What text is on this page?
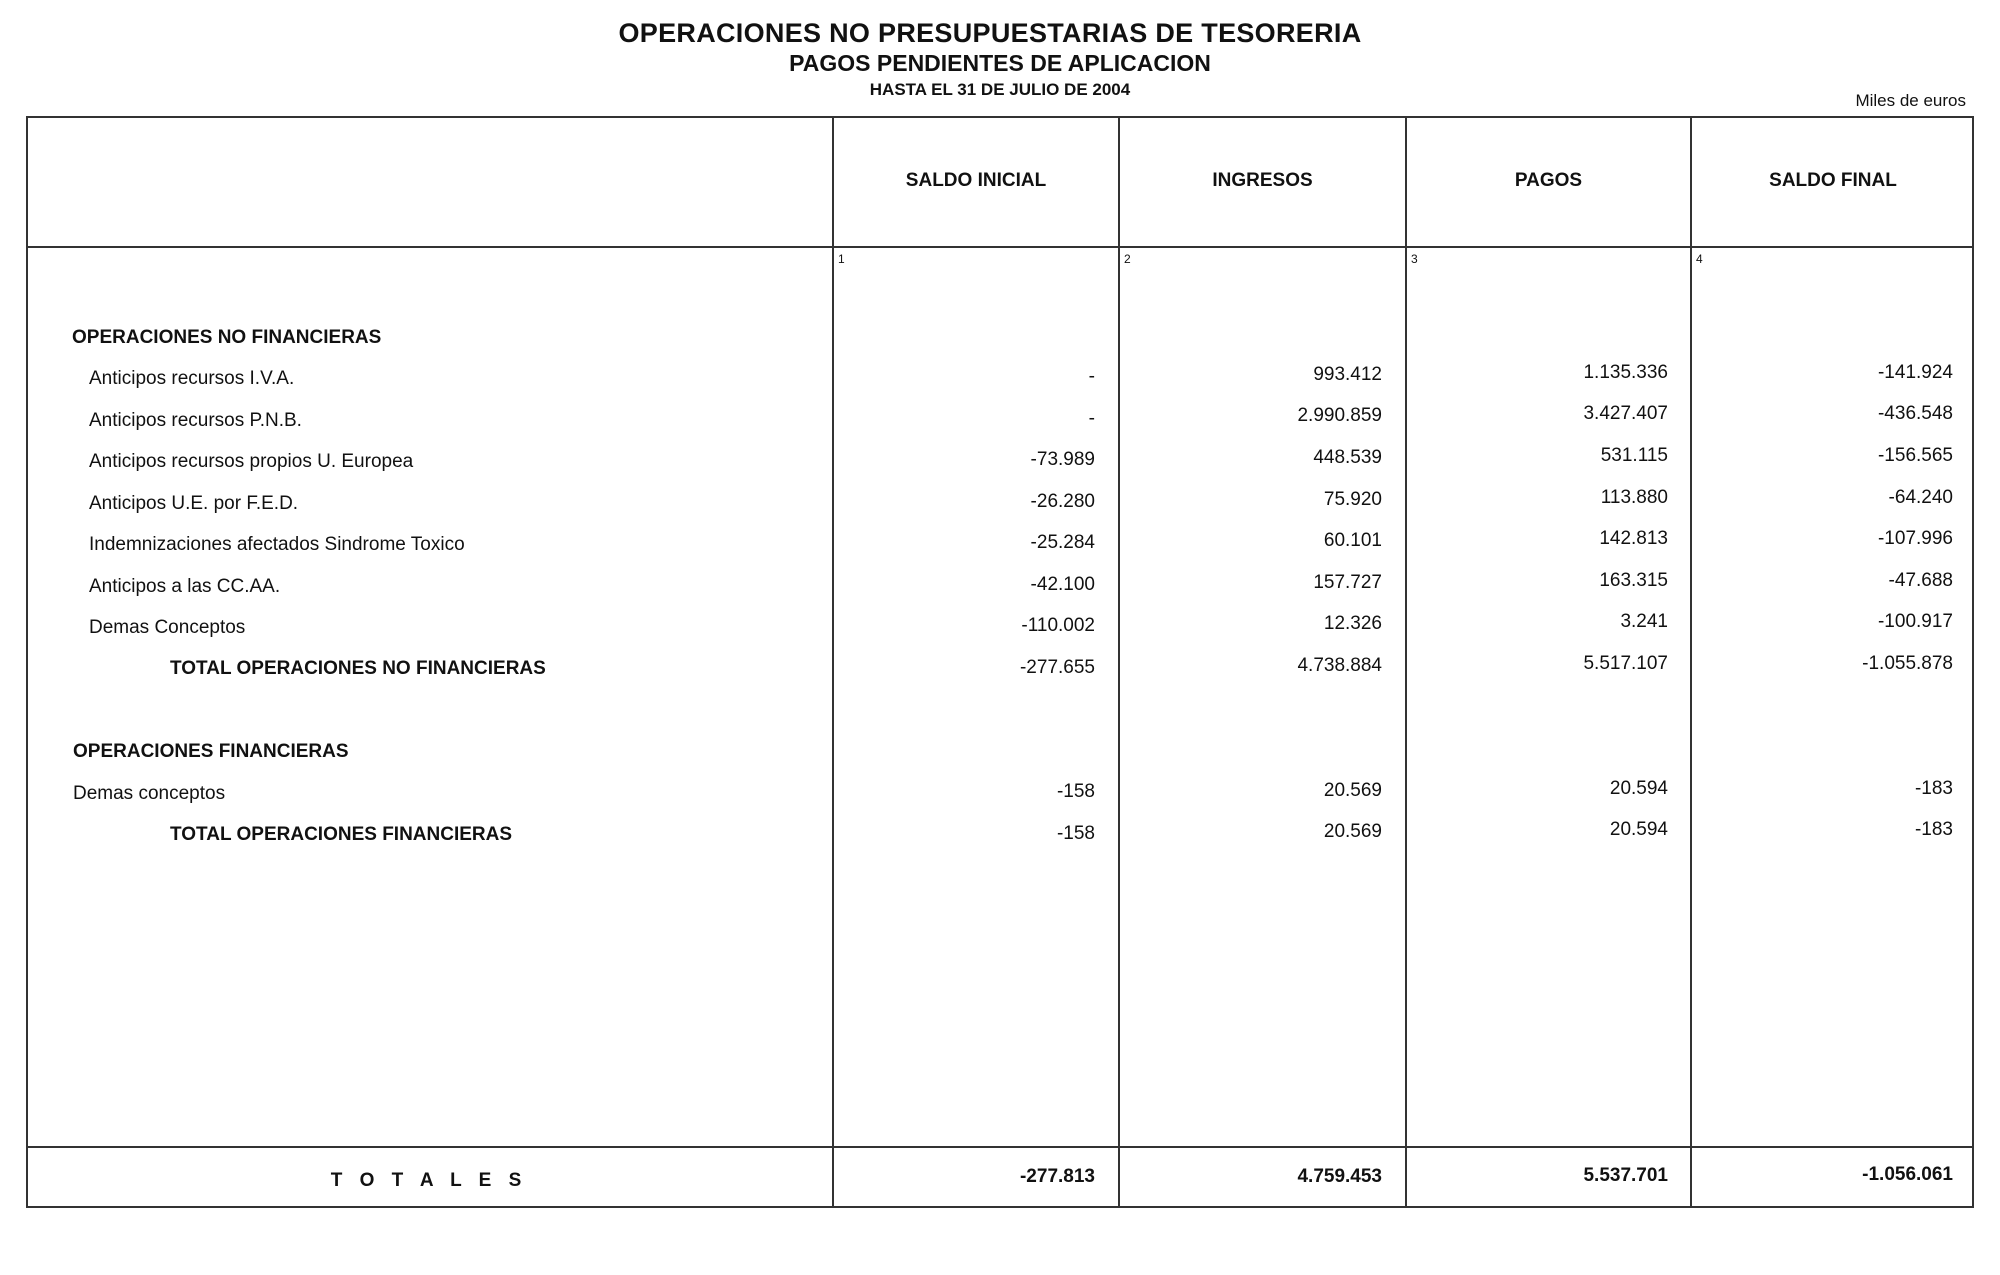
OPERACIONES NO PRESUPUESTARIAS DE TESORERIA
PAGOS PENDIENTES DE APLICACION
HASTA EL 31 DE JULIO DE 2004
Miles de euros
SALDO INICIAL	INGRESOS	PAGOS	SALDO FINAL
1	2	3	4
OPERACIONES NO FINANCIERAS
Anticipos recursos I.V.A.	-	993.412	1.135.336	-141.924
Anticipos recursos P.N.B.	-	2.990.859	3.427.407	-436.548
Anticipos recursos propios U. Europea	-73.989	448.539	531.115	-156.565
Anticipos U.E. por F.E.D.	-26.280	75.920	113.880	-64.240
Indemnizaciones afectados Sindrome Toxico	-25.284	60.101	142.813	-107.996
Anticipos a las CC.AA.	-42.100	157.727	163.315	-47.688
Demas Conceptos	-110.002	12.326	3.241	-100.917
TOTAL OPERACIONES NO FINANCIERAS	-277.655	4.738.884	5.517.107	-1.055.878
OPERACIONES FINANCIERAS
Demas conceptos	-158	20.569	20.594	-183
TOTAL OPERACIONES FINANCIERAS	-158	20.569	20.594	-183
T O T A L E S	-277.813	4.759.453	5.537.701	-1.056.061
